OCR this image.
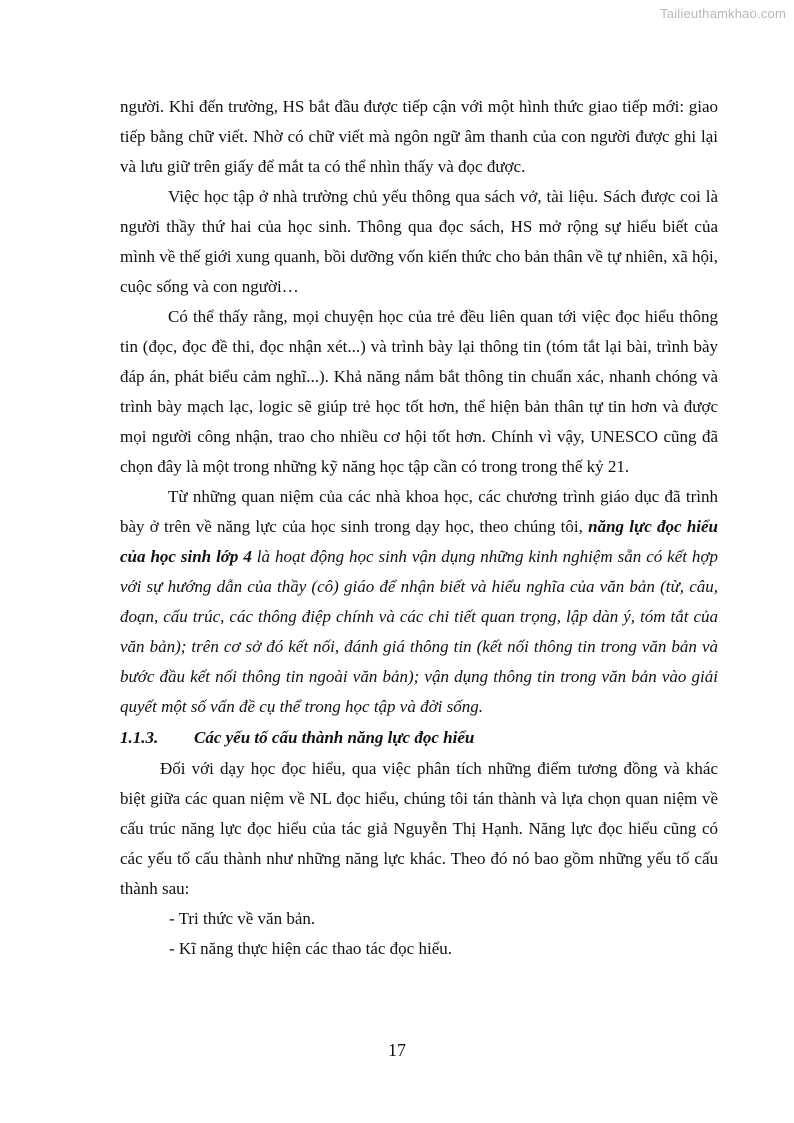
Tailieuthamkhao.com

người. Khi đến trường, HS bắt đầu được tiếp cận với một hình thức giao tiếp mới: giao tiếp bằng chữ viết. Nhờ có chữ viết mà ngôn ngữ âm thanh của con người được ghi lại và lưu giữ trên giấy để mắt ta có thể nhìn thấy và đọc được.

Việc học tập ở nhà trường chủ yếu thông qua sách vở, tài liệu. Sách được coi là người thầy thứ hai của học sinh. Thông qua đọc sách, HS mở rộng sự hiểu biết của mình về thế giới xung quanh, bồi dưỡng vốn kiến thức cho bản thân về tự nhiên, xã hội, cuộc sống và con người…

Có thể thấy rằng, mọi chuyện học của trẻ đều liên quan tới việc đọc hiểu thông tin (đọc, đọc đề thi, đọc nhận xét...) và trình bày lại thông tin (tóm tắt lại bài, trình bày đáp án, phát biểu cảm nghĩ...). Khả năng nắm bắt thông tin chuẩn xác, nhanh chóng và trình bày mạch lạc, logic sẽ giúp trẻ học tốt hơn, thể hiện bản thân tự tin hơn và được mọi người công nhận, trao cho nhiều cơ hội tốt hơn. Chính vì vậy, UNESCO cũng đã chọn đây là một trong những kỹ năng học tập cần có trong trong thế kỷ 21.

Từ những quan niệm của các nhà khoa học, các chương trình giáo dục đã trình bày ở trên về năng lực của học sinh trong dạy học, theo chúng tôi, năng lực đọc hiểu của học sinh lớp 4 là hoạt động học sinh vận dụng những kinh nghiệm sẵn có kết hợp với sự hướng dẫn của thầy (cô) giáo để nhận biết và hiểu nghĩa của văn bản (từ, câu, đoạn, cấu trúc, các thông điệp chính và các chi tiết quan trọng, lập dàn ý, tóm tắt của văn bản); trên cơ sở đó kết nối, đánh giá thông tin (kết nối thông tin trong văn bản và bước đầu kết nối thông tin ngoài văn bản); vận dụng thông tin trong văn bản vào giải quyết một số vấn đề cụ thể trong học tập và đời sống.

1.1.3. Các yếu tố cấu thành năng lực đọc hiểu

Đối với dạy học đọc hiểu, qua việc phân tích những điểm tương đồng và khác biệt giữa các quan niệm về NL đọc hiểu, chúng tôi tán thành và lựa chọn quan niệm về cấu trúc năng lực đọc hiểu của tác giả Nguyễn Thị Hạnh. Năng lực đọc hiểu cũng có các yếu tố cấu thành như những năng lực khác. Theo đó nó bao gồm những yếu tố cấu thành sau:

- Tri thức về văn bản.

- Kĩ năng thực hiện các thao tác đọc hiểu.

17
